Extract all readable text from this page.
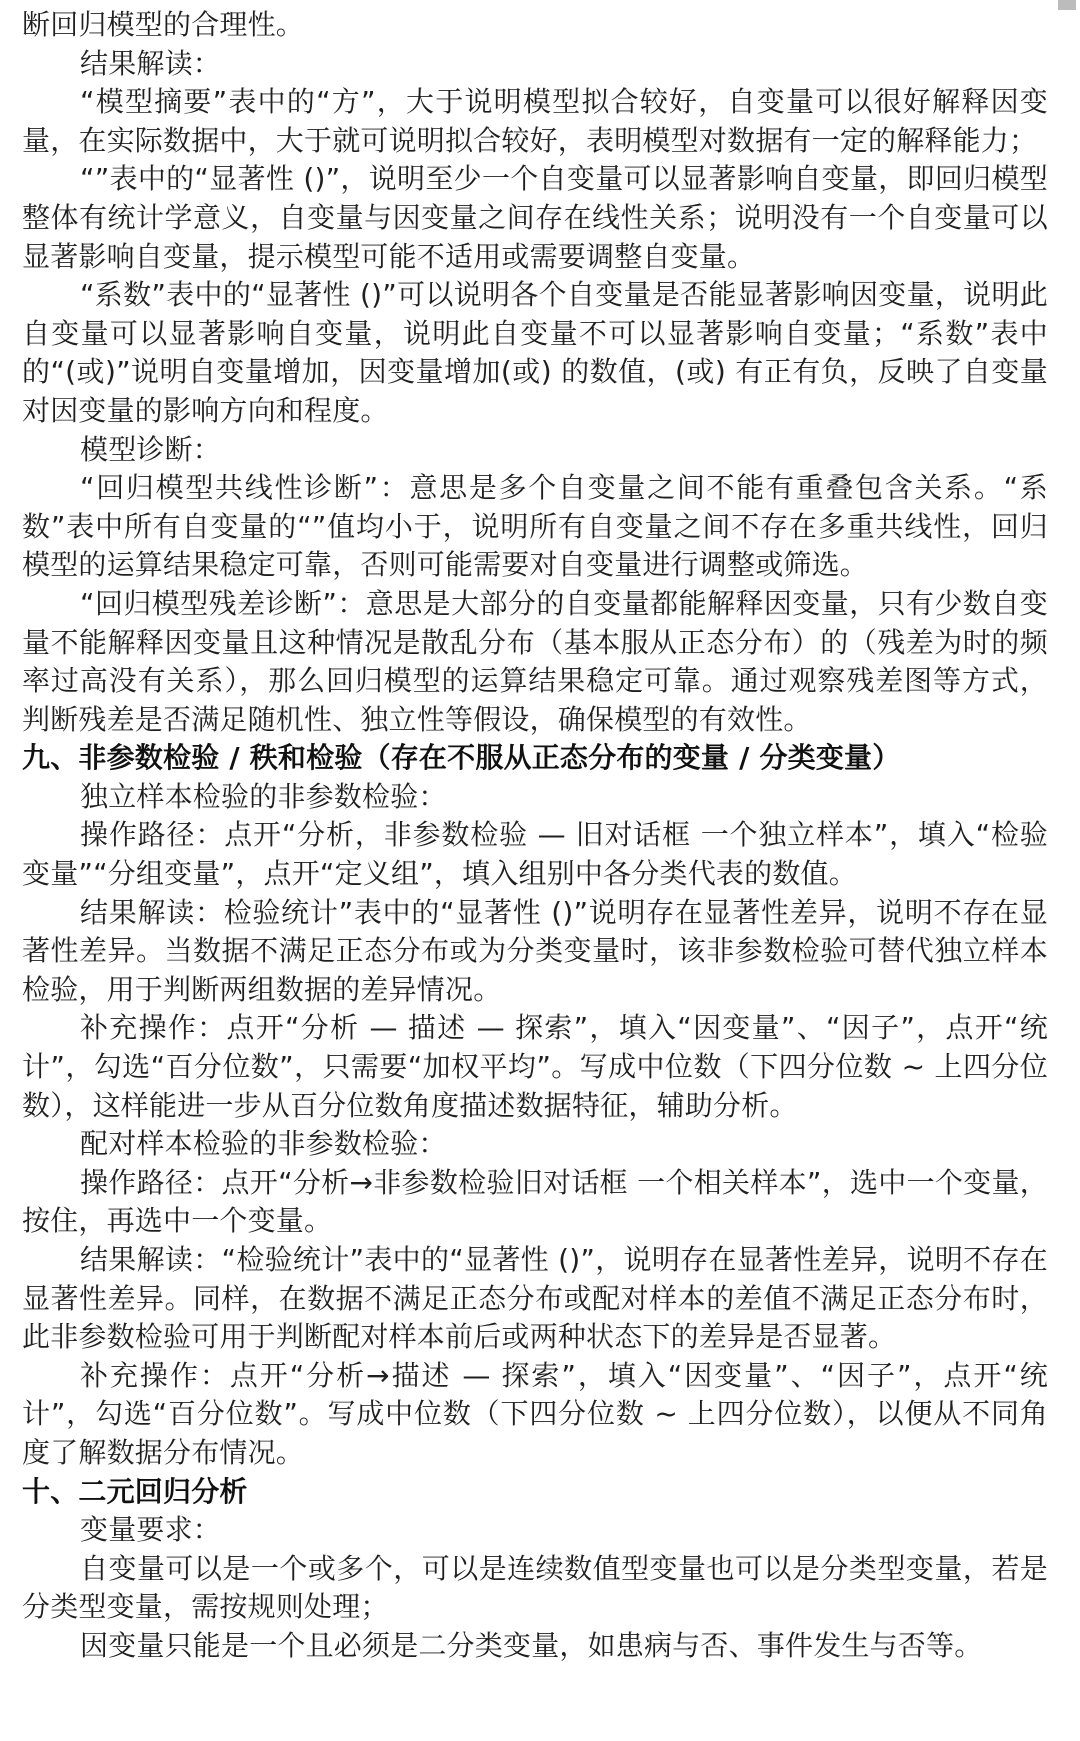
断回归模型的合理性。

结果解读：

“模型摘要”表中的“方”，大于说明模型拟合较好，自变量可以很好解释因变量，在实际数据中，大于就可说明拟合较好，表明模型对数据有一定的解释能力；

“”表中的“显著性 ()”，说明至少一个自变量可以显著影响自变量，即回归模型整体有统计学意义，自变量与因变量之间存在线性关系；说明没有一个自变量可以显著影响自变量，提示模型可能不适用或需要调整自变量。

“系数”表中的“显著性 ()”可以说明各个自变量是否能显著影响因变量，说明此自变量可以显著影响自变量，说明此自变量不可以显著影响自变量；“系数”表中的“(或)”说明自变量增加，因变量增加(或) 的数值，(或) 有正有负，反映了自变量对因变量的影响方向和程度。

模型诊断：

“回归模型共线性诊断”：意思是多个自变量之间不能有重叠包含关系。“系数”表中所有自变量的“”值均小于，说明所有自变量之间不存在多重共线性，回归模型的运算结果稳定可靠，否则可能需要对自变量进行调整或筛选。

“回归模型残差诊断”：意思是大部分的自变量都能解释因变量，只有少数自变量不能解释因变量且这种情况是散乱分布（基本服从正态分布）的（残差为时的频率过高没有关系），那么回归模型的运算结果稳定可靠。通过观察残差图等方式，判断残差是否满足随机性、独立性等假设，确保模型的有效性。

九、非参数检验 / 秩和检验（存在不服从正态分布的变量 / 分类变量）

独立样本检验的非参数检验：

操作路径：点开“分析，非参数检验 — 旧对话框 一个独立样本”，填入“检验变量”“分组变量”，点开“定义组”，填入组别中各分类代表的数值。

结果解读：检验统计”表中的“显著性 ()”说明存在显著性差异，说明不存在显著性差异。当数据不满足正态分布或为分类变量时，该非参数检验可替代独立样本检验，用于判断两组数据的差异情况。

补充操作：点开“分析 — 描述 — 探索”，填入“因变量”、“因子”，点开“统计”，勾选“百分位数”，只需要“加权平均”。写成中位数（下四分位数 ~ 上四分位数），这样能进一步从百分位数角度描述数据特征，辅助分析。

配对样本检验的非参数检验：

操作路径：点开“分析→非参数检验旧对话框 一个相关样本”，选中一个变量，按住，再选中一个变量。

结果解读：“检验统计”表中的“显著性 ()”，说明存在显著性差异，说明不存在显著性差异。同样，在数据不满足正态分布或配对样本的差值不满足正态分布时，此非参数检验可用于判断配对样本前后或两种状态下的差异是否显著。

补充操作：点开“分析→描述 — 探索”，填入“因变量”、“因子”，点开“统计”，勾选“百分位数”。写成中位数（下四分位数 ~ 上四分位数），以便从不同角度了解数据分布情况。

十、二元回归分析

变量要求：

自变量可以是一个或多个，可以是连续数值型变量也可以是分类型变量，若是分类型变量，需按规则处理；

因变量只能是一个且必须是二分类变量，如患病与否、事件发生与否等。
